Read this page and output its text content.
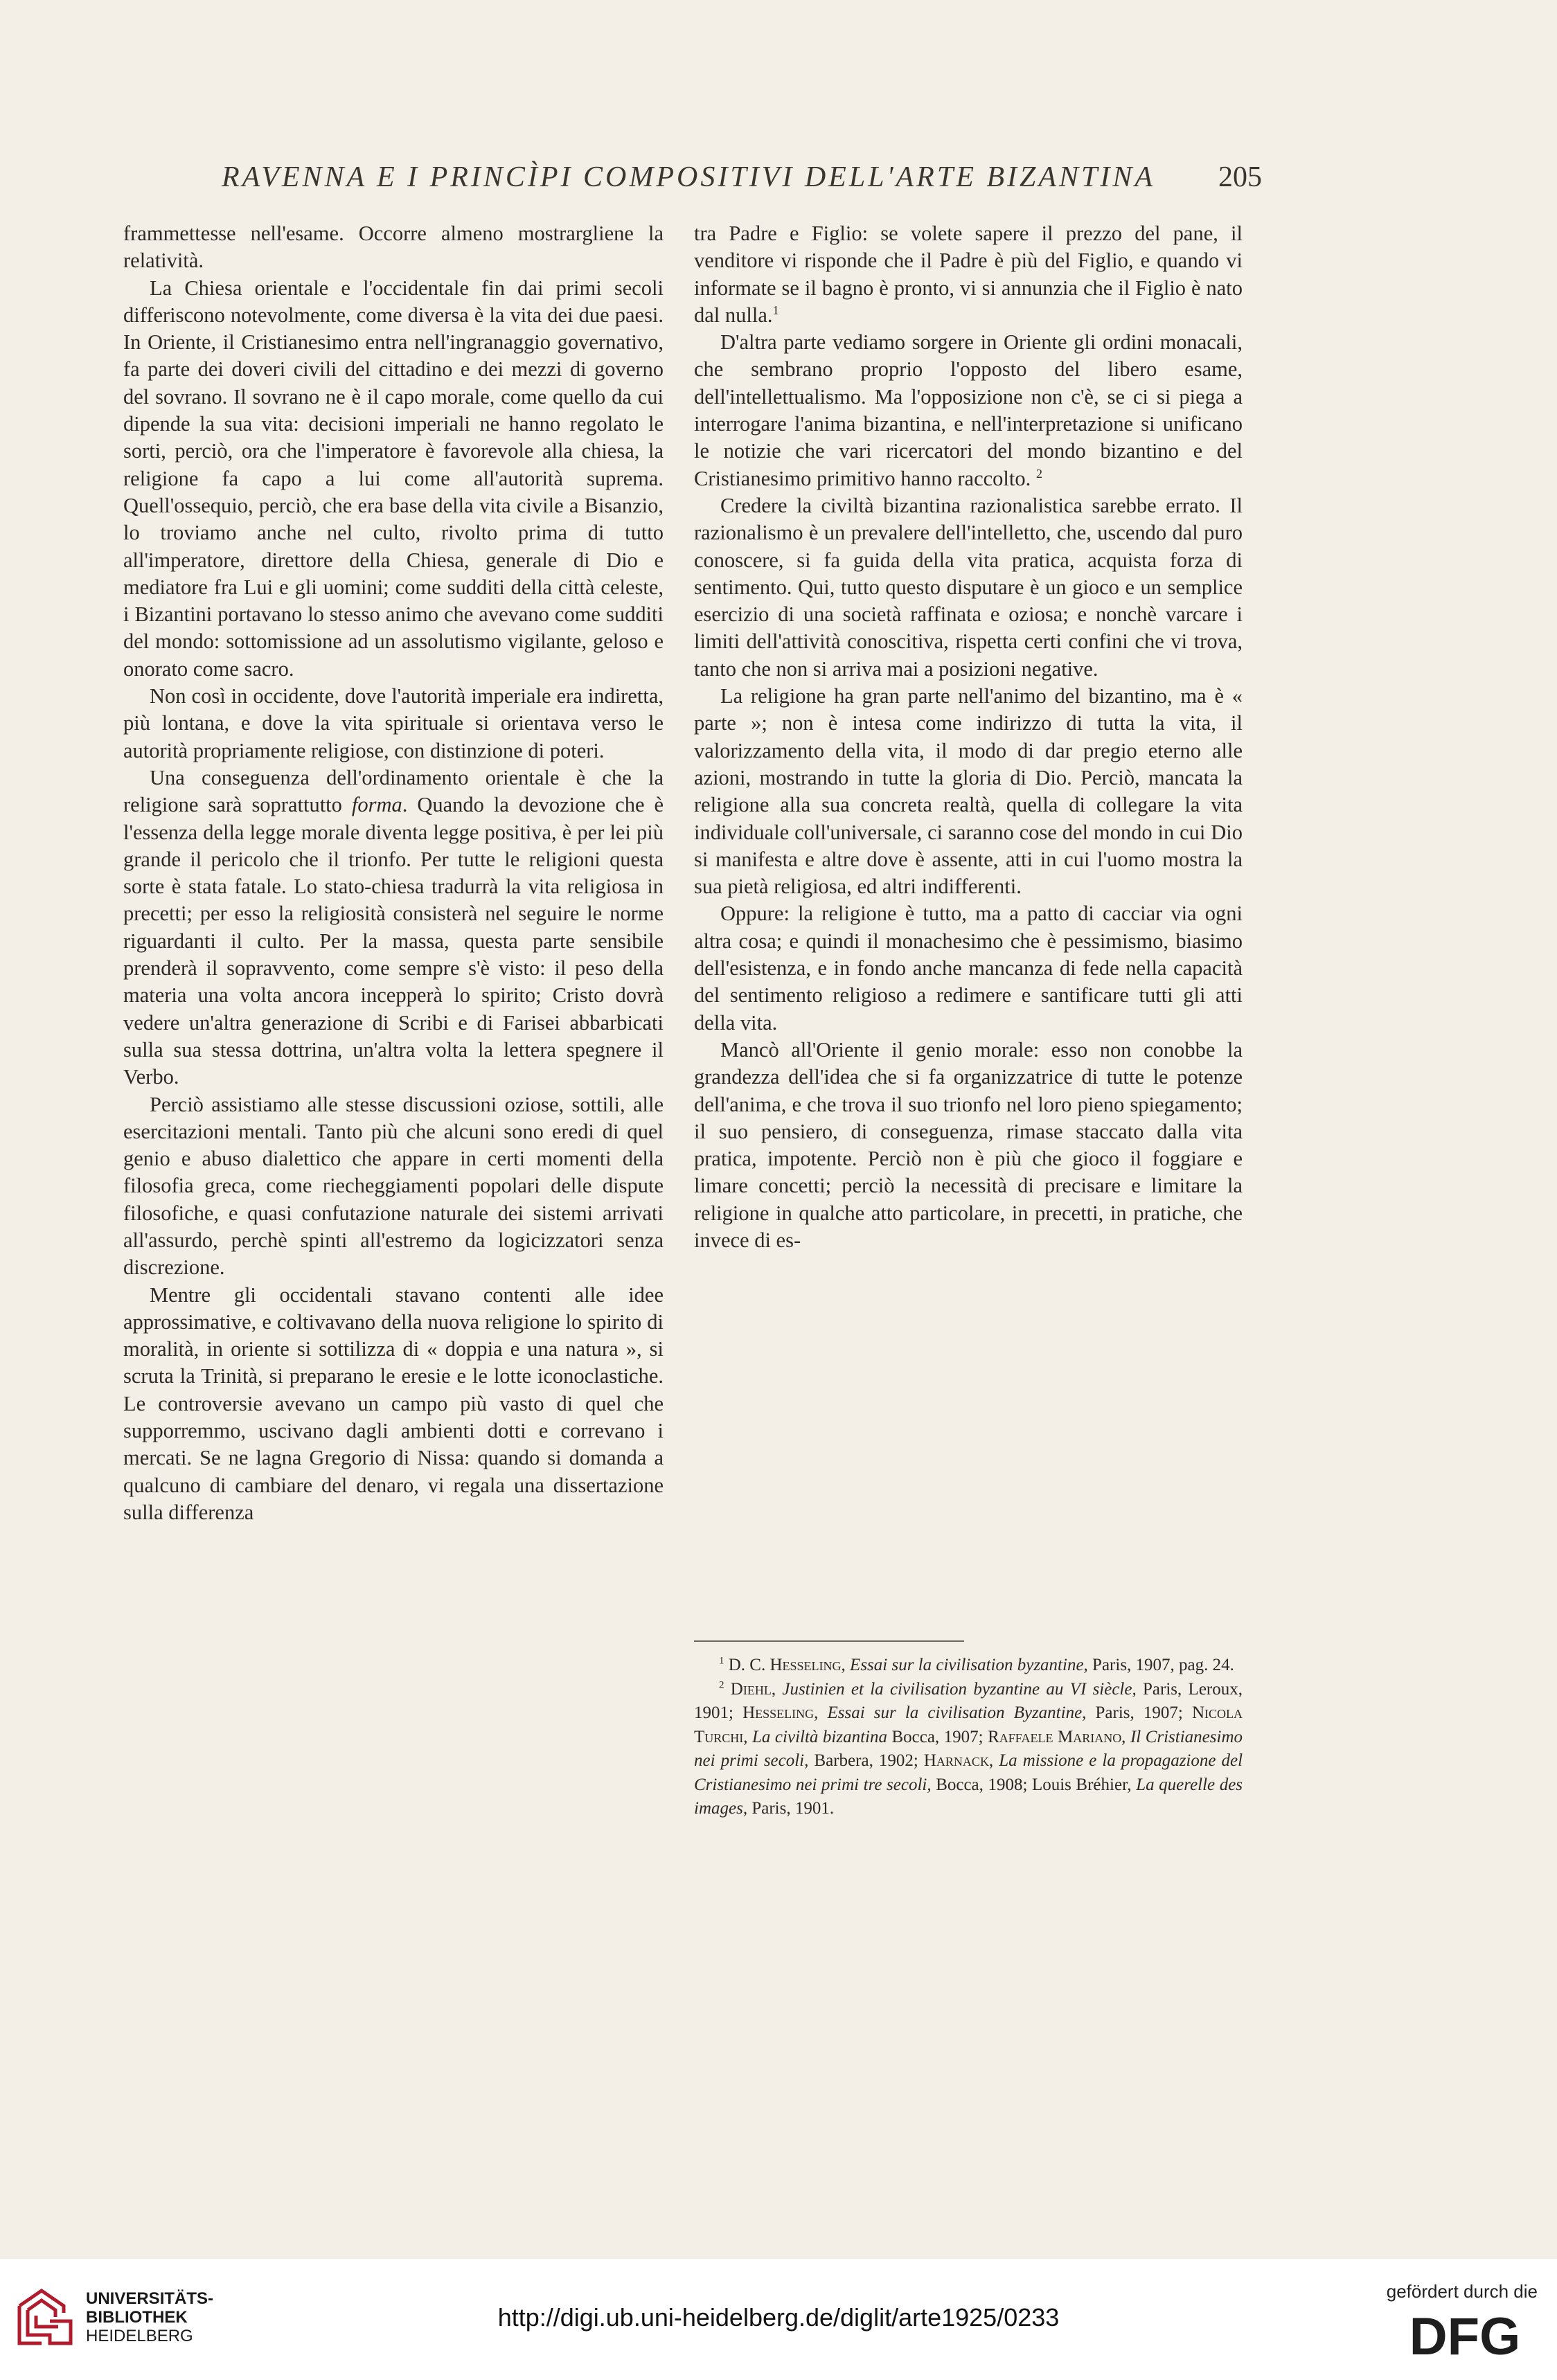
RAVENNA E I PRINCÌPI COMPOSITIVI DELL'ARTE BIZANTINA	205

frammettesse nell'esame. Occorre almeno mostrargliene la relatività.

La Chiesa orientale e l'occidentale fin dai primi secoli differiscono notevolmente, come diversa è la vita dei due paesi. In Oriente, il Cristianesimo entra nell'ingranaggio governativo, fa parte dei doveri civili del cittadino e dei mezzi di governo del sovrano. Il sovrano ne è il capo morale, come quello da cui dipende la sua vita: decisioni imperiali ne hanno regolato le sorti, perciò, ora che l'imperatore è favorevole alla chiesa, la religione fa capo a lui come all'autorità suprema. Quell'ossequio, perciò, che era base della vita civile a Bisanzio, lo troviamo anche nel culto, rivolto prima di tutto all'imperatore, direttore della Chiesa, generale di Dio e mediatore fra Lui e gli uomini; come sudditi della città celeste, i Bizantini portavano lo stesso animo che avevano come sudditi del mondo: sottomissione ad un assolutismo vigilante, geloso e onorato come sacro.

Non così in occidente, dove l'autorità imperiale era indiretta, più lontana, e dove la vita spirituale si orientava verso le autorità propriamente religiose, con distinzione di poteri.

Una conseguenza dell'ordinamento orientale è che la religione sarà soprattutto forma. Quando la devozione che è l'essenza della legge morale diventa legge positiva, è per lei più grande il pericolo che il trionfo. Per tutte le religioni questa sorte è stata fatale. Lo stato-chiesa tradurrà la vita religiosa in precetti; per esso la religiosità consisterà nel seguire le norme riguardanti il culto. Per la massa, questa parte sensibile prenderà il sopravvento, come sempre s'è visto: il peso della materia una volta ancora incepperà lo spirito; Cristo dovrà vedere un'altra generazione di Scribi e di Farisei abbarbicati sulla sua stessa dottrina, un'altra volta la lettera spegnere il Verbo.

Perciò assistiamo alle stesse discussioni oziose, sottili, alle esercitazioni mentali. Tanto più che alcuni sono eredi di quel genio e abuso dialettico che appare in certi momenti della filosofia greca, come riecheggiamenti popolari delle dispute filosofiche, e quasi confutazione naturale dei sistemi arrivati all'assurdo, perchè spinti all'estremo da logicizzatori senza discrezione.

Mentre gli occidentali stavano contenti alle idee approssimative, e coltivavano della nuova religione lo spirito di moralità, in oriente si sottilizza di « doppia e una natura », si scruta la Trinità, si preparano le eresie e le lotte iconoclastiche. Le controversie avevano un campo più vasto di quel che supporremmo, uscivano dagli ambienti dotti e correvano i mercati. Se ne lagna Gregorio di Nissa: quando si domanda a qualcuno di cambiare del denaro, vi regala una dissertazione sulla differenza

tra Padre e Figlio: se volete sapere il prezzo del pane, il venditore vi risponde che il Padre è più del Figlio, e quando vi informate se il bagno è pronto, vi si annunzia che il Figlio è nato dal nulla.$^1$

D'altra parte vediamo sorgere in Oriente gli ordini monacali, che sembrano proprio l'opposto del libero esame, dell'intellettualismo. Ma l'opposizione non c'è, se ci si piega a interrogare l'anima bizantina, e nell'interpretazione si unificano le notizie che vari ricercatori del mondo bizantino e del Cristianesimo primitivo hanno raccolto. $^2$

Credere la civiltà bizantina razionalistica sarebbe errato. Il razionalismo è un prevalere dell'intelletto, che, uscendo dal puro conoscere, si fa guida della vita pratica, acquista forza di sentimento. Qui, tutto questo disputare è un gioco e un semplice esercizio di una società raffinata e oziosa; e nonchè varcare i limiti dell'attività conoscitiva, rispetta certi confini che vi trova, tanto che non si arriva mai a posizioni negative.

La religione ha gran parte nell'animo del bizantino, ma è « parte »; non è intesa come indirizzo di tutta la vita, il valorizzamento della vita, il modo di dar pregio eterno alle azioni, mostrando in tutte la gloria di Dio. Perciò, mancata la religione alla sua concreta realtà, quella di collegare la vita individuale coll'universale, ci saranno cose del mondo in cui Dio si manifesta e altre dove è assente, atti in cui l'uomo mostra la sua pietà religiosa, ed altri indifferenti.

Oppure: la religione è tutto, ma a patto di cacciar via ogni altra cosa; e quindi il monachesimo che è pessimismo, biasimo dell'esistenza, e in fondo anche mancanza di fede nella capacità del sentimento religioso a redimere e santificare tutti gli atti della vita.

Mancò all'Oriente il genio morale: esso non conobbe la grandezza dell'idea che si fa organizzatrice di tutte le potenze dell'anima, e che trova il suo trionfo nel loro pieno spiegamento; il suo pensiero, di conseguenza, rimase staccato dalla vita pratica, impotente. Perciò non è più che gioco il foggiare e limare concetti; perciò la necessità di precisare e limitare la religione in qualche atto particolare, in precetti, in pratiche, che invece di es-

$^1$ D. C. Hesseling, Essai sur la civilisation byzantine, Paris, 1907, pag. 24.

$^2$ Diehl, Justinien et la civilisation byzantine au VI siècle, Paris, Leroux, 1901; Hesseling, Essai sur la civilisation Byzantine, Paris, 1907; Nicola Turchi, La civiltà bizantina Bocca, 1907; Raffaele Mariano, Il Cristianesimo nei primi secoli, Barbera, 1902; Harnack, La missione e la propagazione del Cristianesimo nei primi tre secoli, Bocca, 1908; Louis Bréhier, La querelle des images, Paris, 1901.

UNIVERSITÄTS-
BIBLIOTHEK
HEIDELBERG
http://digi.ub.uni-heidelberg.de/diglit/arte1925/0233
gefördert durch die
DFG
